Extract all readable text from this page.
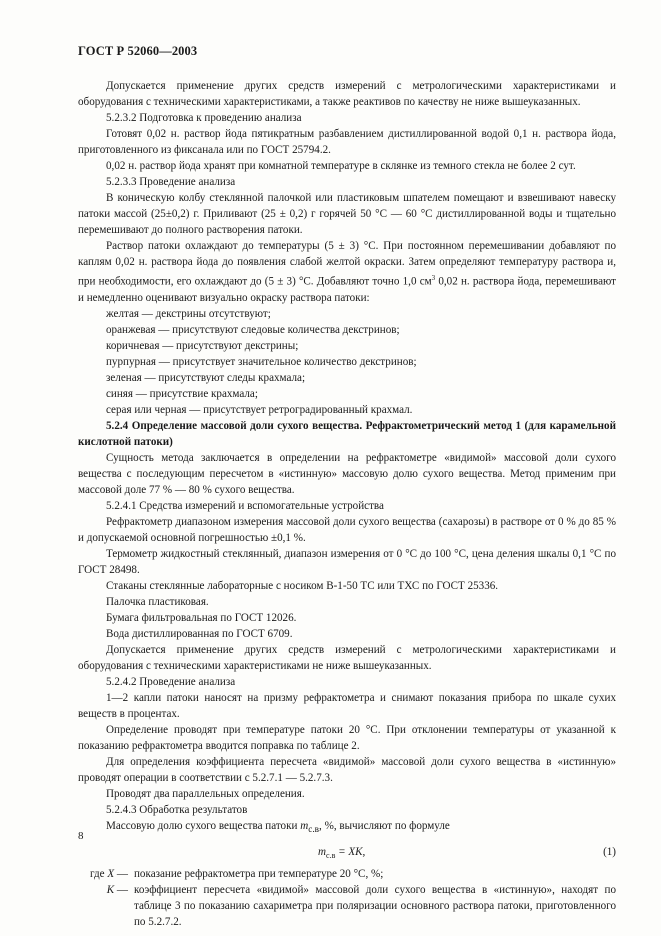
ГОСТ Р 52060—2003

Допускается применение других средств измерений с метрологическими характеристиками и оборудования с техническими характеристиками, а также реактивов по качеству не ниже вышеуказанных.

5.2.3.2 Подготовка к проведению анализа

Готовят 0,02 н. раствор йода пятикратным разбавлением дистиллированной водой 0,1 н. раствора йода, приготовленного из фиксанала или по ГОСТ 25794.2.

0,02 н. раствор йода хранят при комнатной температуре в склянке из темного стекла не более 2 сут.

5.2.3.3 Проведение анализа

В коническую колбу стеклянной палочкой или пластиковым шпателем помещают и взвешивают навеску патоки массой (25±0,2) г. Приливают (25 ± 0,2) г горячей 50 °С — 60 °С дистиллированной воды и тщательно перемешивают до полного растворения патоки.

Раствор патоки охлаждают до температуры (5 ± 3) °С. При постоянном перемешивании добавляют по каплям 0,02 н. раствора йода до появления слабой желтой окраски. Затем определяют температуру раствора и, при необходимости, его охлаждают до (5 ± 3) °С. Добавляют точно 1,0 $см^3$ 0,02 н. раствора йода, перемешивают и немедленно оценивают визуально окраску раствора патоки:

желтая — декстрины отсутствуют;
оранжевая — присутствуют следовые количества декстринов;
коричневая — присутствуют декстрины;
пурпурная — присутствует значительное количество декстринов;
зеленая — присутствуют следы крахмала;
синяя — присутствие крахмала;
серая или черная — присутствует ретроградированный крахмал.

5.2.4 Определение массовой доли сухого вещества. Рефрактометрический метод 1 (для карамельной кислотной патоки)

Сущность метода заключается в определении на рефрактометре «видимой» массовой доли сухого вещества с последующим пересчетом в «истинную» массовую долю сухого вещества. Метод применим при массовой доле 77 % — 80 % сухого вещества.

5.2.4.1 Средства измерений и вспомогательные устройства

Рефрактометр диапазоном измерения массовой доли сухого вещества (сахарозы) в растворе от 0 % до 85 % и допускаемой основной погрешностью ±0,1 %.

Термометр жидкостный стеклянный, диапазон измерения от 0 °С до 100 °С, цена деления шкалы 0,1 °С по ГОСТ 28498.

Стаканы стеклянные лабораторные с носиком В-1-50 ТС или ТХС по ГОСТ 25336.

Палочка пластиковая.

Бумага фильтровальная по ГОСТ 12026.

Вода дистиллированная по ГОСТ 6709.

Допускается применение других средств измерений с метрологическими характеристиками и оборудования с техническими характеристиками не ниже вышеуказанных.

5.2.4.2 Проведение анализа

1—2 капли патоки наносят на призму рефрактометра и снимают показания прибора по шкале сухих веществ в процентах.

Определение проводят при температуре патоки 20 °С. При отклонении температуры от указанной к показанию рефрактометра вводится поправка по таблице 2.

Для определения коэффициента пересчета «видимой» массовой доли сухого вещества в «истинную» проводят операции в соответствии с 5.2.7.1 — 5.2.7.3.

Проводят два параллельных определения.

5.2.4.3 Обработка результатов

Массовую долю сухого вещества патоки $m_{с.в}$, %, вычисляют по формуле

$m_{с.в}$ = XK,	(1)
где X — показание рефрактометра при температуре 20 °С, %;
K — коэффициент пересчета «видимой» массовой доли сухого вещества в «истинную», находят по таблице 3 по показанию сахариметра при поляризации основного раствора патоки, приготовленного по 5.2.7.2.
8
